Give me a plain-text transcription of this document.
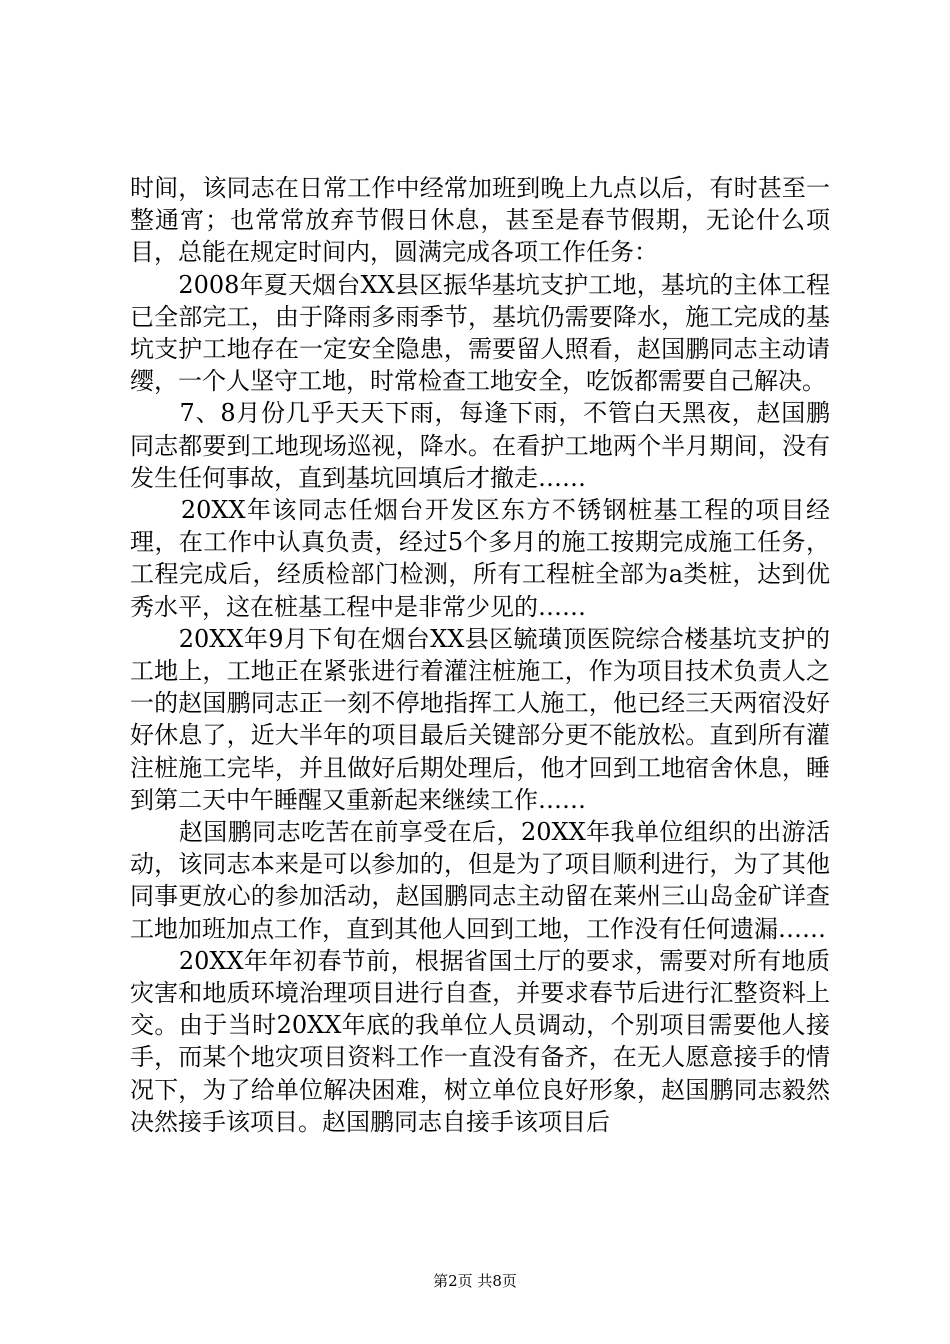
时间，该同志在日常工作中经常加班到晚上九点以后，有时甚至一整通宵；也常常放弃节假日休息，甚至是春节假期，无论什么项目，总能在规定时间内，圆满完成各项工作任务：

　　2008年夏天烟台XX县区振华基坑支护工地，基坑的主体工程已全部完工，由于降雨多雨季节，基坑仍需要降水，施工完成的基坑支护工地存在一定安全隐患，需要留人照看，赵国鹏同志主动请缨，一个人坚守工地，时常检查工地安全，吃饭都需要自己解决。

　　7、8月份几乎天天下雨，每逢下雨，不管白天黑夜，赵国鹏同志都要到工地现场巡视，降水。在看护工地两个半月期间，没有发生任何事故，直到基坑回填后才撤走……

　　20XX年该同志任烟台开发区东方不锈钢桩基工程的项目经理，在工作中认真负责，经过5个多月的施工按期完成施工任务，工程完成后，经质检部门检测，所有工程桩全部为a类桩，达到优秀水平，这在桩基工程中是非常少见的……

　　20XX年9月下旬在烟台XX县区毓璜顶医院综合楼基坑支护的工地上，工地正在紧张进行着灌注桩施工，作为项目技术负责人之一的赵国鹏同志正一刻不停地指挥工人施工，他已经三天两宿没好好休息了，近大半年的项目最后关键部分更不能放松。直到所有灌注桩施工完毕，并且做好后期处理后，他才回到工地宿舍休息，睡到第二天中午睡醒又重新起来继续工作……

　　赵国鹏同志吃苦在前享受在后，20XX年我单位组织的出游活动，该同志本来是可以参加的，但是为了项目顺利进行，为了其他同事更放心的参加活动，赵国鹏同志主动留在莱州三山岛金矿详查工地加班加点工作，直到其他人回到工地，工作没有任何遗漏……

　　20XX年年初春节前，根据省国土厅的要求，需要对所有地质灾害和地质环境治理项目进行自查，并要求春节后进行汇整资料上交。由于当时20XX年底的我单位人员调动，个别项目需要他人接手，而某个地灾项目资料工作一直没有备齐，在无人愿意接手的情况下，为了给单位解决困难，树立单位良好形象，赵国鹏同志毅然决然接手该项目。赵国鹏同志自接手该项目后

第2页 共8页
